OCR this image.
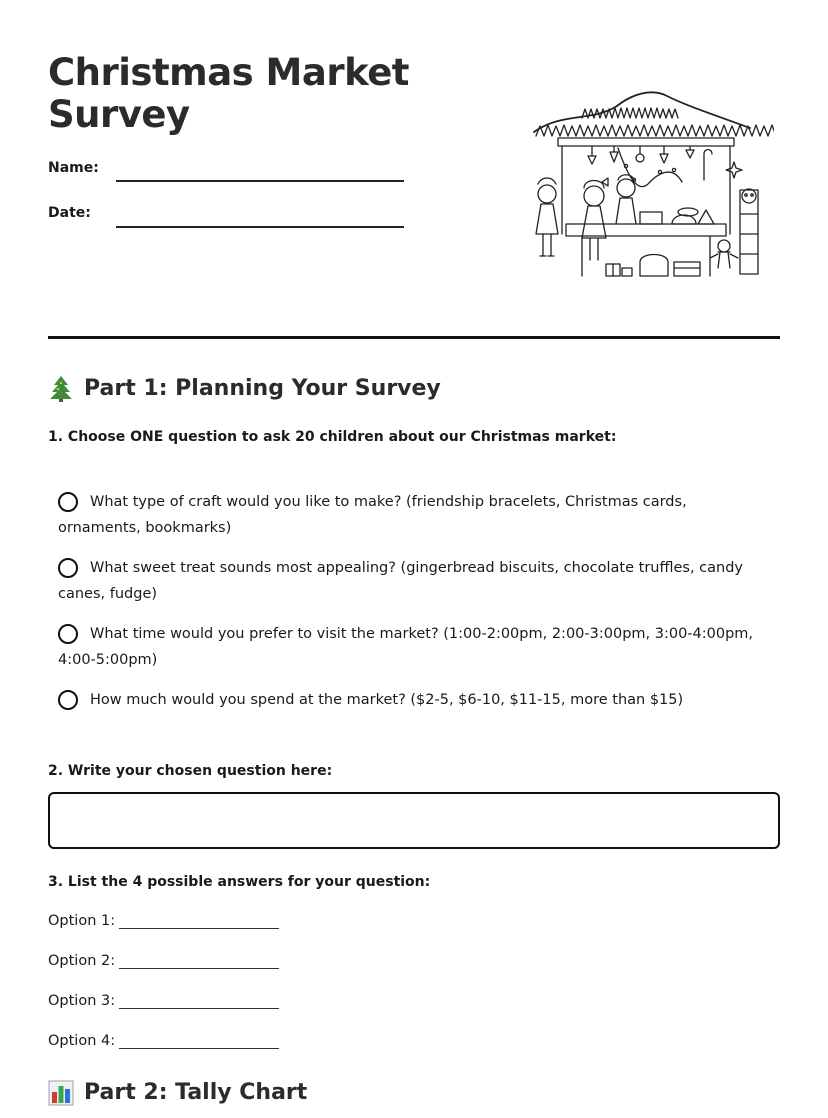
Christmas Market Survey
Name:
Date:
Part 1: Planning Your Survey
1. Choose ONE question to ask 20 children about our Christmas market:
What type of craft would you like to make? (friendship bracelets, Christmas cards, ornaments, bookmarks)
What sweet treat sounds most appealing? (gingerbread biscuits, chocolate truffles, candy canes, fudge)
What time would you prefer to visit the market? (1:00-2:00pm, 2:00-3:00pm, 3:00-4:00pm, 4:00-5:00pm)
How much would you spend at the market? ($2-5, $6-10, $11-15, more than $15)
2. Write your chosen question here:
3. List the 4 possible answers for your question:
Option 1:
Option 2:
Option 3:
Option 4:
Part 2: Tally Chart
